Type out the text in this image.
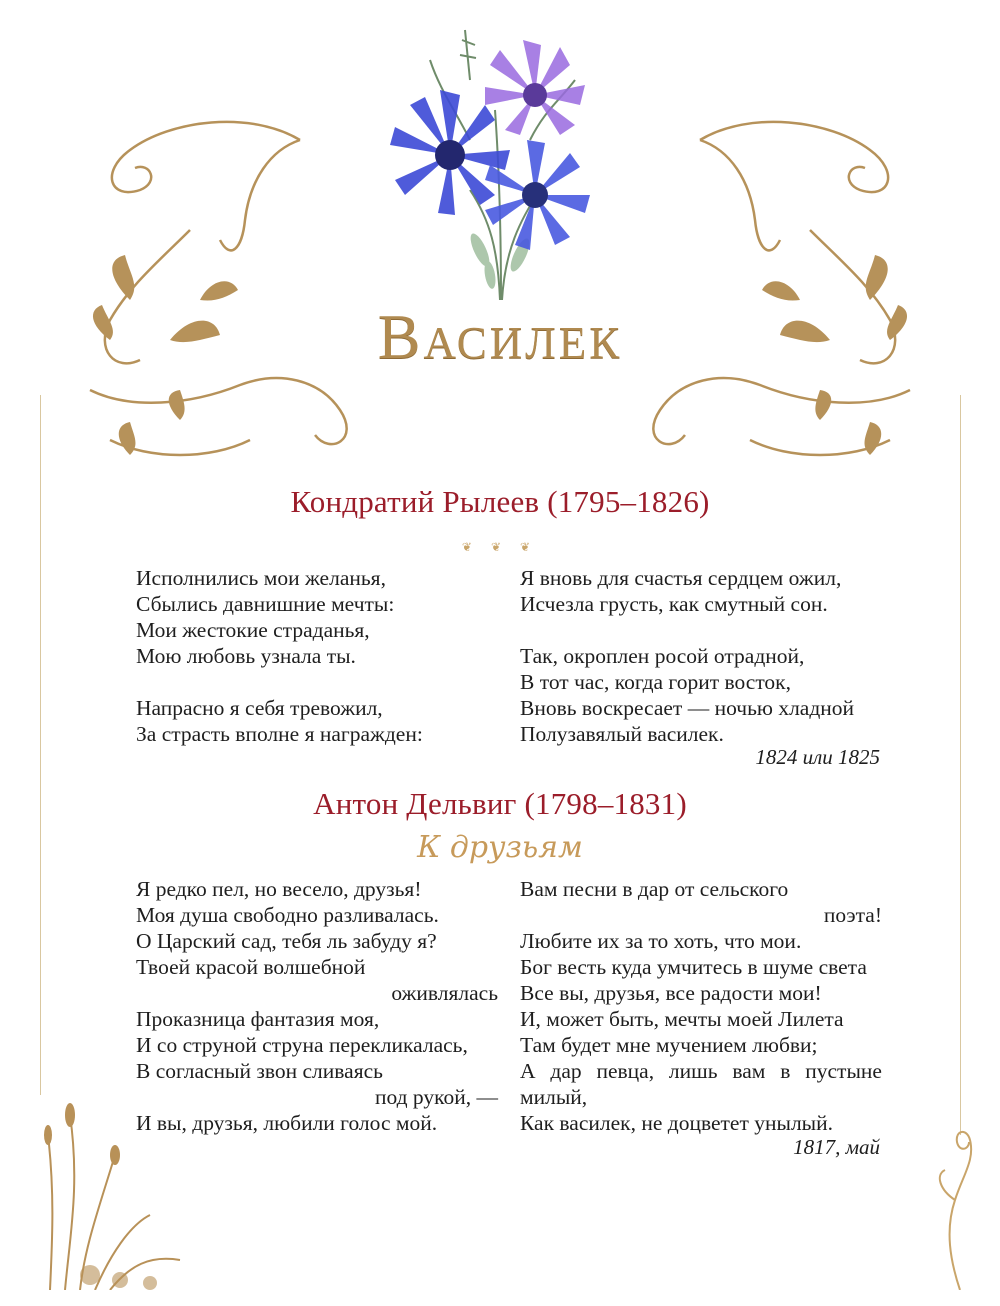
Василек
Кондратий Рылеев (1795–1826)
❦ ❦ ❦
Исполнились мои желанья,
Сбылись давнишние мечты:
Мои жестокие страданья,
Мою любовь узнала ты.
Напрасно я себя тревожил,
За страсть вполне я награжден:
Я вновь для счастья сердцем ожил,
Исчезла грусть, как смутный сон.
Так, окроплен росой отрадной,
В тот час, когда горит восток,
Вновь воскресает — ночью хладной
Полузавялый василек.
1824 или 1825
Антон Дельвиг (1798–1831)
К друзьям
Я редко пел, но весело, друзья!
Моя душа свободно разливалась.
О Царский сад, тебя ль забуду я?
Твоей красой волшебной
оживлялась
Проказница фантазия моя,
И со струной струна перекликалась,
В согласный звон сливаясь
под рукой, —
И вы, друзья, любили голос мой.
Вам песни в дар от сельского
поэта!
Любите их за то хоть, что мои.
Бог весть куда умчитесь в шуме света
Все вы, друзья, все радости мои!
И, может быть, мечты моей Лилета
Там будет мне мучением любви;
А дар певца, лишь вам в пустыне
милый,
Как василек, не доцветет унылый.
1817, май
